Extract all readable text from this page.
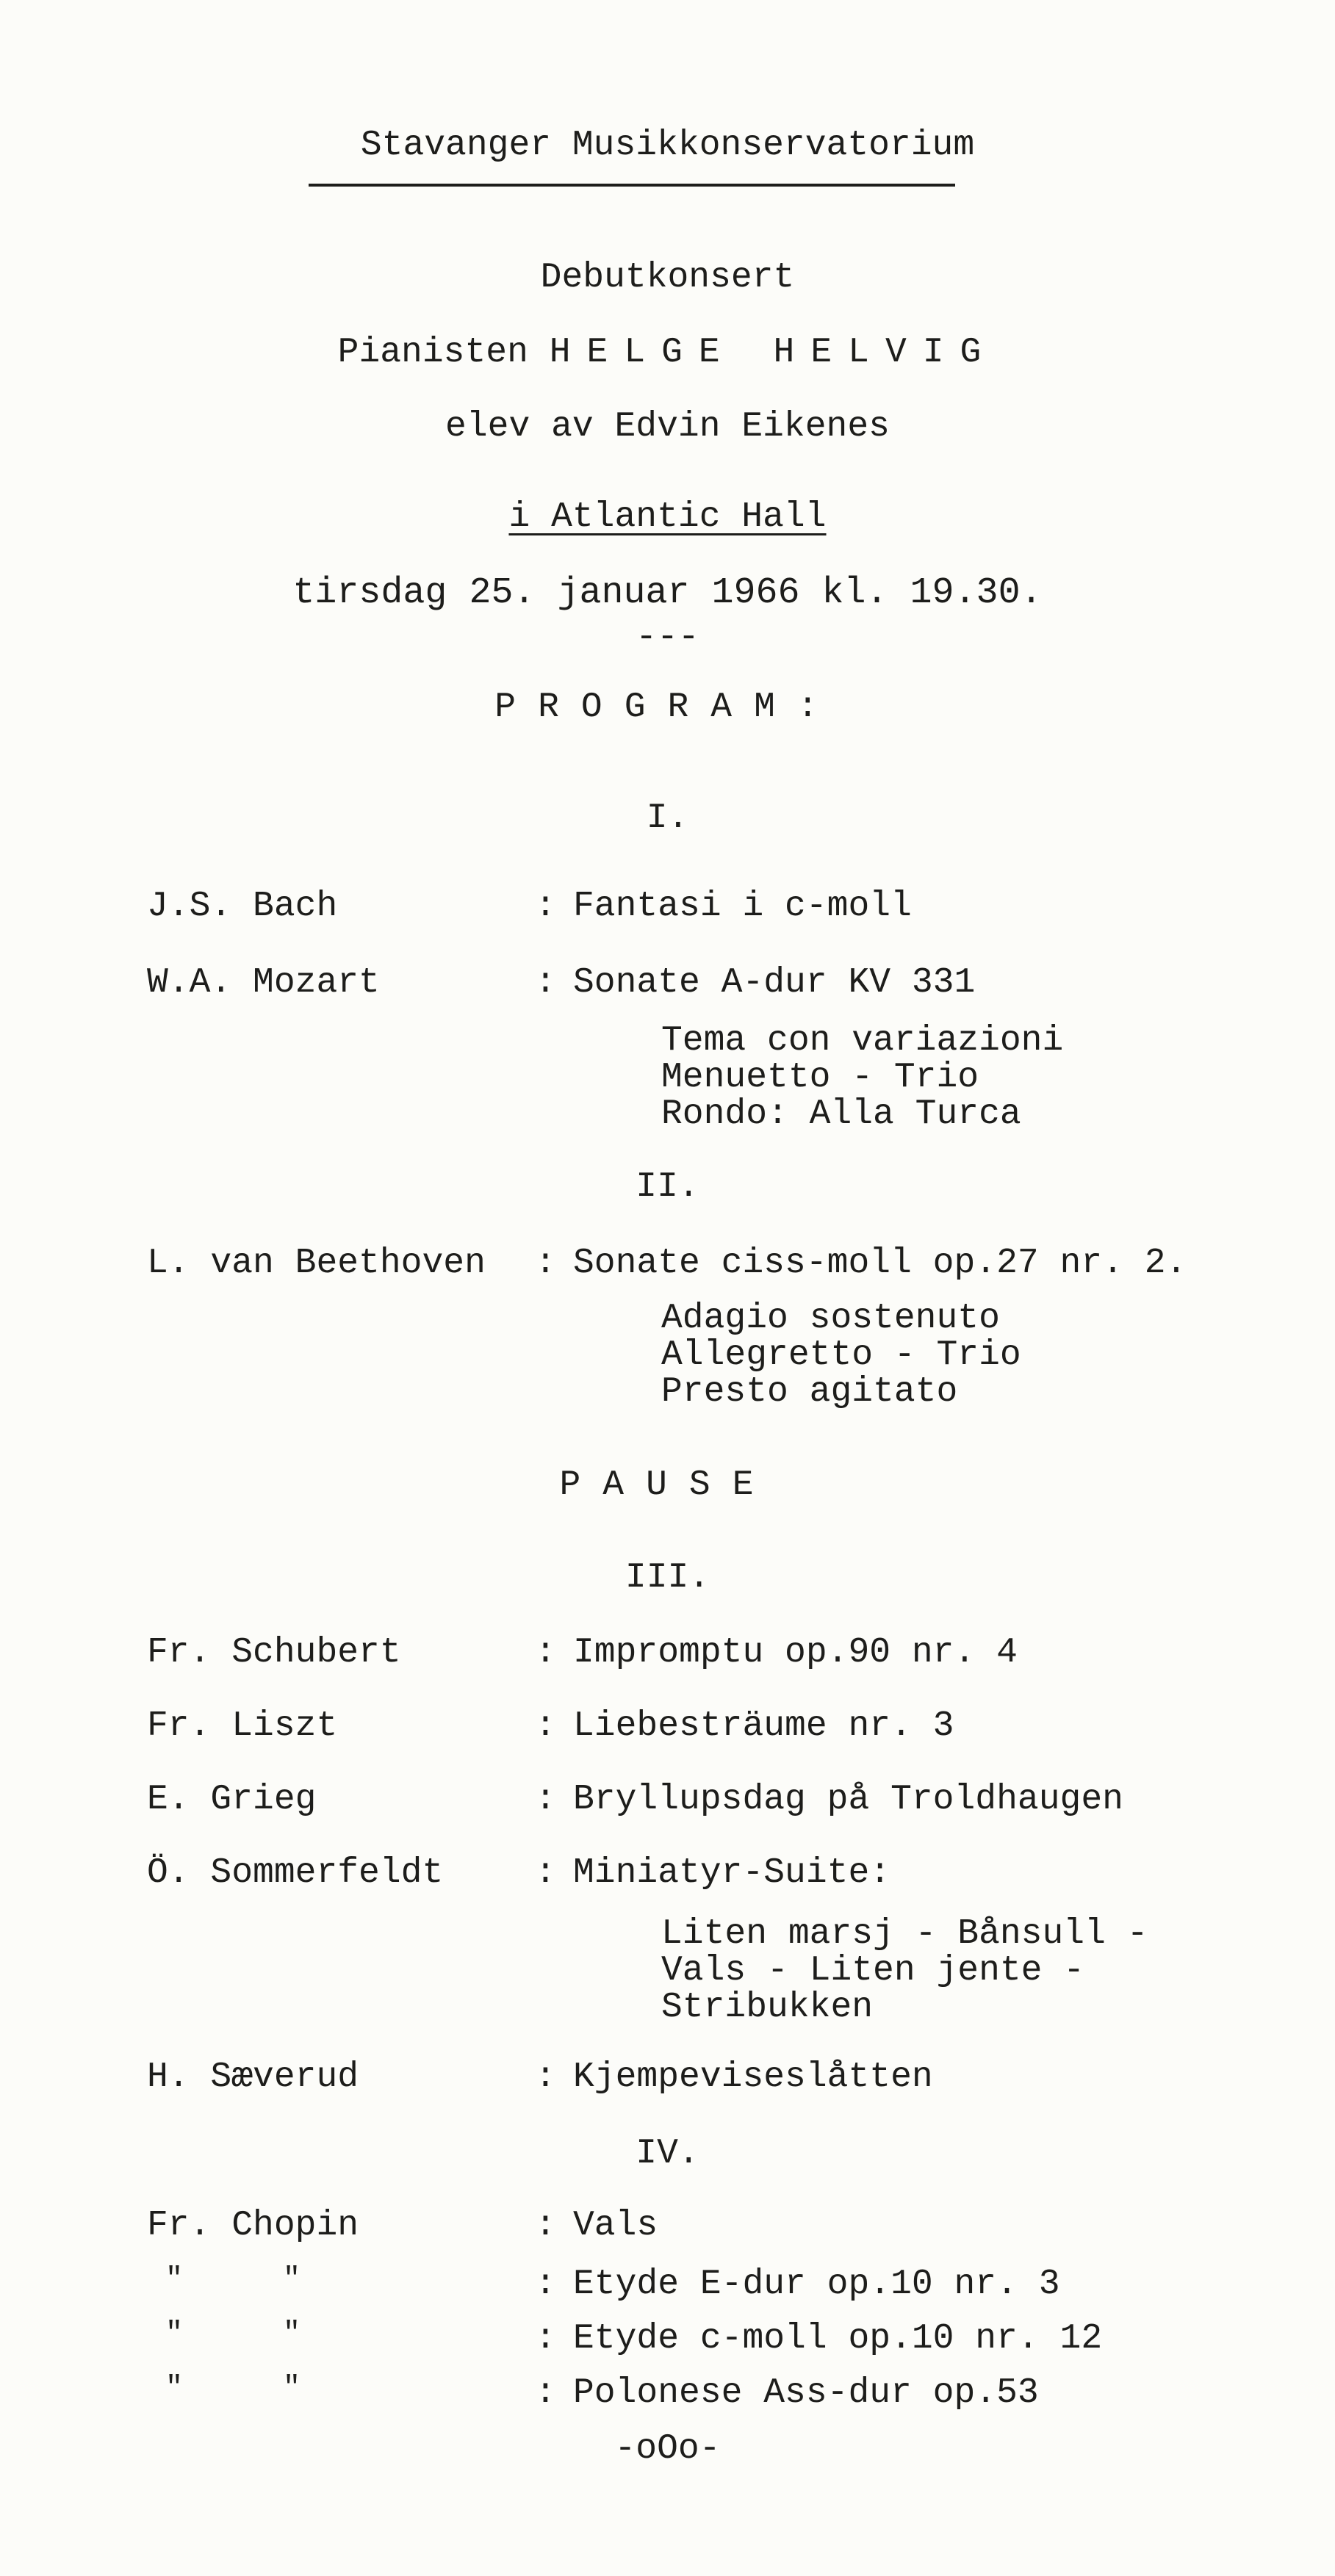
Stavanger Musikkonservatorium
Debutkonsert
Pianisten HELGE HELVIG
elev av Edvin Eikenes
i Atlantic Hall
tirsdag 25. januar 1966 kl. 19.30.
---
PROGRAM:
I.
J.S. Bach	: Fantasi i c-moll
W.A. Mozart	: Sonate A-dur KV 331
Tema con variazioni
Menuetto - Trio
Rondo: Alla Turca
II.
L. van Beethoven : Sonate ciss-moll op.27 nr. 2.
Adagio sostenuto
Allegretto - Trio
Presto agitato
PAUSE
III.
Fr. Schubert	: Impromptu op.90 nr. 4
Fr. Liszt	: Liebesträume nr. 3
E. Grieg	: Bryllupsdag på Troldhaugen
Ö. Sommerfeldt	: Miniatyr-Suite:
Liten marsj - Bånsull -
Vals - Liten jente -
Stribukken
H. Sæverud	: Kjempeviseslåtten
IV.
Fr. Chopin	: Vals
"	"	: Etyde E-dur op.10 nr. 3
"	"	: Etyde c-moll op.10 nr. 12
"	"	: Polonese Ass-dur op.53
-oOo-
